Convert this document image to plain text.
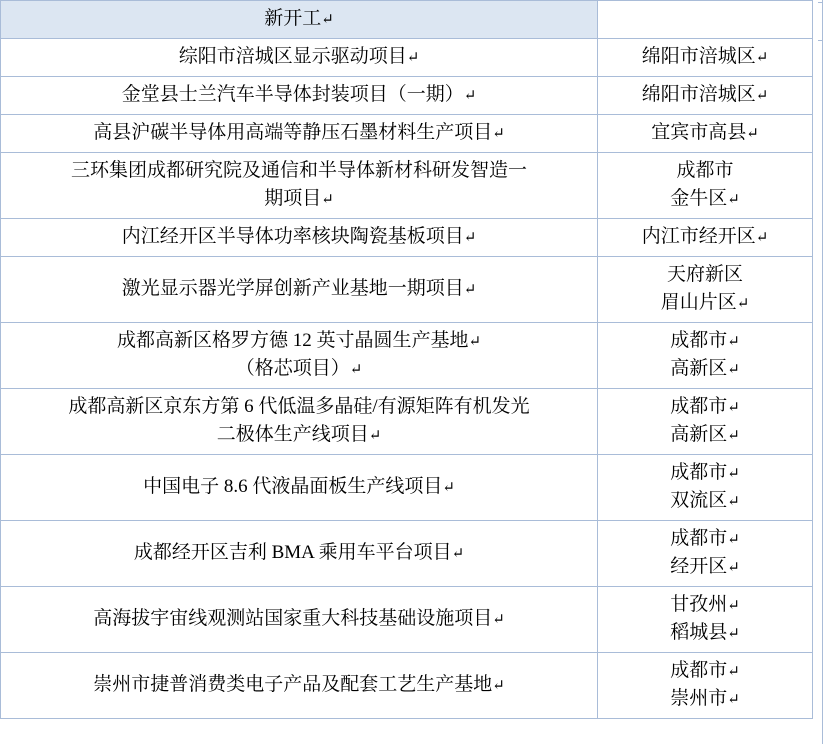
新开工↵	

综阳市涪城区显示驱动项目↵	绵阳市涪城区↵

金堂县士兰汽车半导体封装项目（一期）↵	绵阳市涪城区↵

高县沪碳半导体用高端等静压石墨材料生产项目↵	宜宾市高县↵

三环集团成都研究院及通信和半导体新材科研发智造一
期项目↵	成都市
金牛区↵

内江经开区半导体功率核块陶瓷基板项目↵	内江市经开区↵

激光显示器光学屏创新产业基地一期项目↵	天府新区
眉山片区↵

成都高新区格罗方德 12 英寸晶圆生产基地↵
（格芯项目）↵	成都市↵
高新区↵

成都高新区京东方第 6 代低温多晶硅/有源矩阵有机发光
二极体生产线项目↵	成都市↵
高新区↵

中国电子 8.6 代液晶面板生产线项目↵	成都市↵
双流区↵

成都经开区吉利 BMA 乘用车平台项目↵	成都市↵
经开区↵

高海拔宇宙线观测站国家重大科技基础设施项目↵	甘孜州↵
稻城县↵

崇州市捷普消费类电子产品及配套工艺生产基地↵	成都市↵
崇州市↵
